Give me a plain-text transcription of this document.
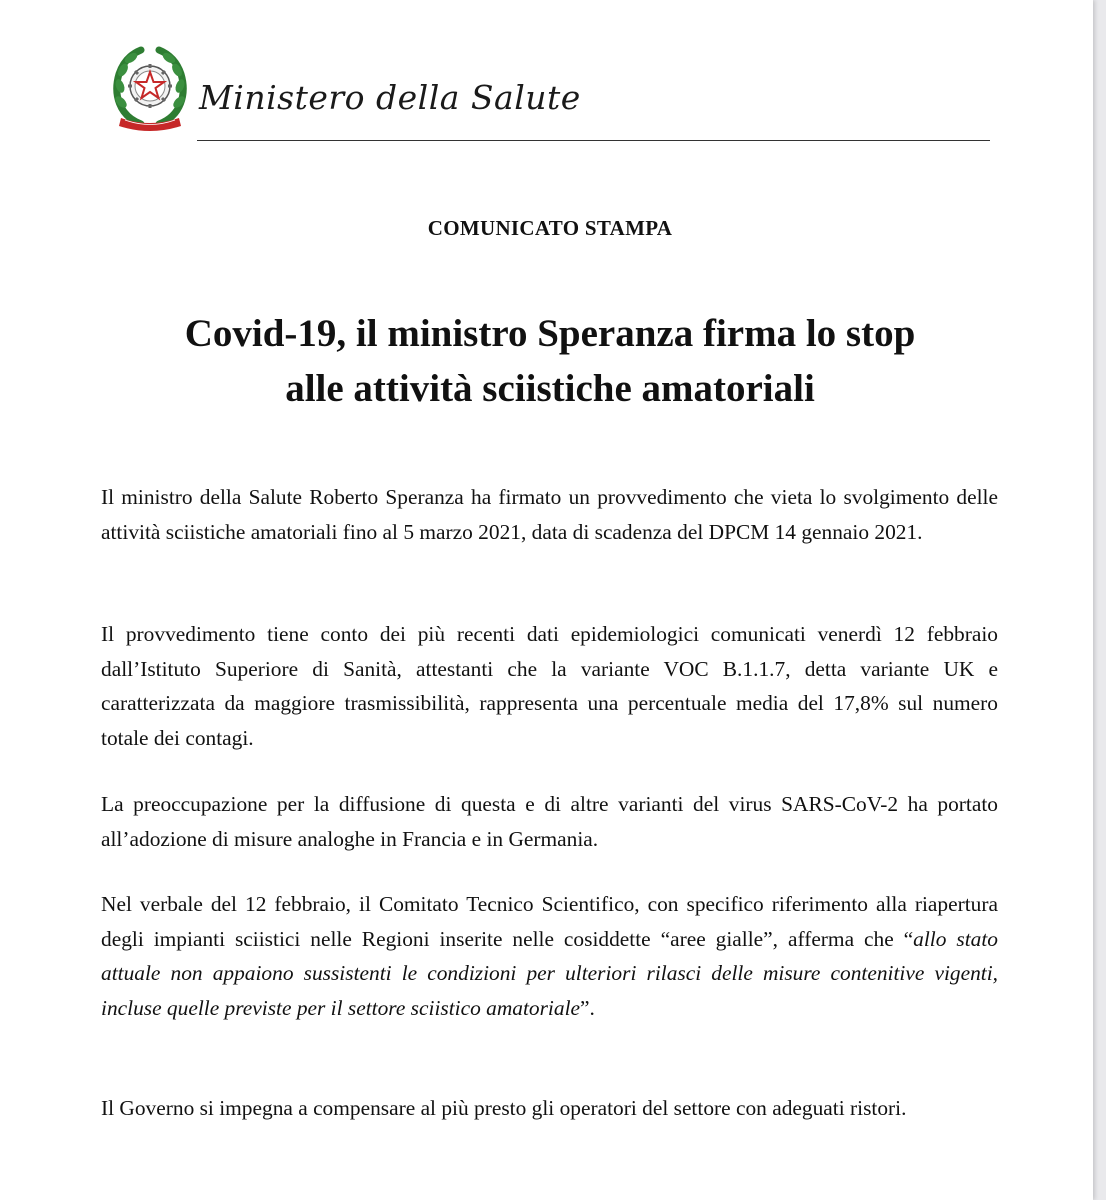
Ministero della Salute
COMUNICATO STAMPA
Covid-19, il ministro Speranza firma lo stop
alle attività sciistiche amatoriali

Il ministro della Salute Roberto Speranza ha firmato un provvedimento che vieta lo svolgimento delle attività sciistiche amatoriali fino al 5 marzo 2021, data di scadenza del DPCM 14 gennaio 2021.

Il provvedimento tiene conto dei più recenti dati epidemiologici comunicati venerdì 12 febbraio dall’Istituto Superiore di Sanità, attestanti che la variante VOC B.1.1.7, detta variante UK e caratterizzata da maggiore trasmissibilità, rappresenta una percentuale media del 17,8% sul numero totale dei contagi.

La preoccupazione per la diffusione di questa e di altre varianti del virus SARS-CoV-2 ha portato all’adozione di misure analoghe in Francia e in Germania.

Nel verbale del 12 febbraio, il Comitato Tecnico Scientifico, con specifico riferimento alla riapertura degli impianti sciistici nelle Regioni inserite nelle cosiddette “aree gialle”, afferma che “allo stato attuale non appaiono sussistenti le condizioni per ulteriori rilasci delle misure contenitive vigenti, incluse quelle previste per il settore sciistico amatoriale”.

Il Governo si impegna a compensare al più presto gli operatori del settore con adeguati ristori.
